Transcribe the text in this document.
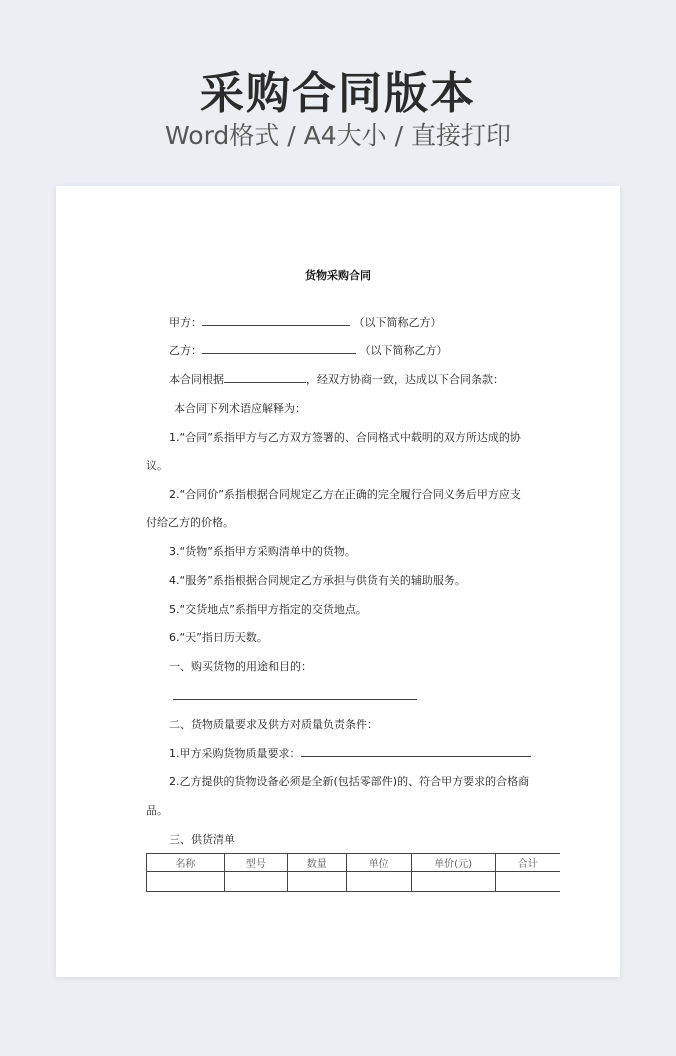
采购合同版本
Word格式 / A4大小 / 直接打印
货物采购合同
甲方：	（以下简称乙方）
乙方：	（以下简称乙方）
本合同根据	，经双方协商一致，达成以下合同条款：
本合同下列术语应解释为：
1.“合同”系指甲方与乙方双方签署的、合同格式中载明的双方所达成的协
议。
2.“合同价”系指根据合同规定乙方在正确的完全履行合同义务后甲方应支
付给乙方的价格。
3.“货物”系指甲方采购清单中的货物。
4.“服务”系指根据合同规定乙方承担与供货有关的辅助服务。
5.“交货地点”系指甲方指定的交货地点。
6.“天”指日历天数。
一、购买货物的用途和目的：
二、货物质量要求及供方对质量负责条件：
1.甲方采购货物质量要求：
2.乙方提供的货物设备必须是全新(包括零部件)的、符合甲方要求的合格商
品。
三、供货清单
名称	型号	数量	单位	单价(元)	合计
